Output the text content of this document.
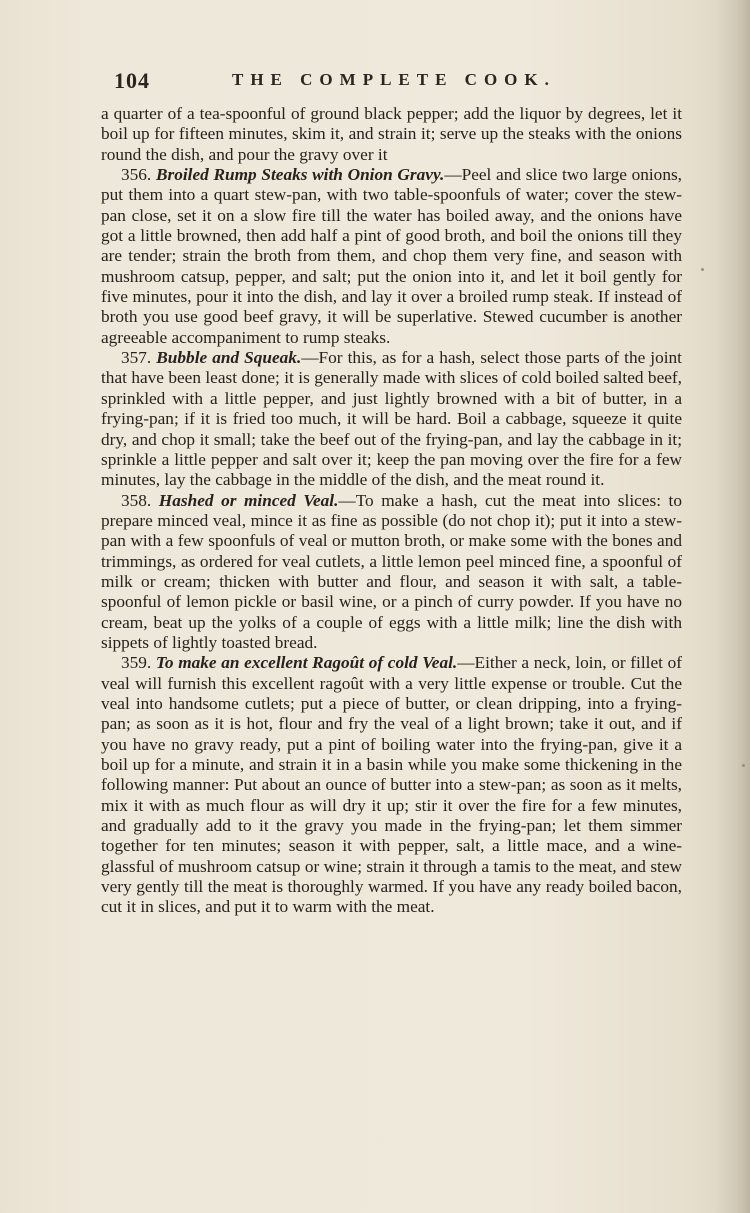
104	THE COMPLETE COOK.

a quarter of a tea-spoonful of ground black pepper; add the liquor by degrees, let it boil up for fifteen minutes, skim it, and strain it; serve up the steaks with the onions round the dish, and pour the gravy over it

356. Broiled Rump Steaks with Onion Gravy.—Peel and slice two large onions, put them into a quart stew-pan, with two table-spoonfuls of water; cover the stew-pan close, set it on a slow fire till the water has boiled away, and the onions have got a little browned, then add half a pint of good broth, and boil the onions till they are tender; strain the broth from them, and chop them very fine, and season with mushroom catsup, pepper, and salt; put the onion into it, and let it boil gently for five minutes, pour it into the dish, and lay it over a broiled rump steak. If instead of broth you use good beef gravy, it will be superlative. Stewed cucumber is another agreeable accompaniment to rump steaks.

357. Bubble and Squeak.—For this, as for a hash, select those parts of the joint that have been least done; it is generally made with slices of cold boiled salted beef, sprinkled with a little pepper, and just lightly browned with a bit of butter, in a frying-pan; if it is fried too much, it will be hard. Boil a cabbage, squeeze it quite dry, and chop it small; take the beef out of the frying-pan, and lay the cabbage in it; sprinkle a little pepper and salt over it; keep the pan moving over the fire for a few minutes, lay the cabbage in the middle of the dish, and the meat round it.

358. Hashed or minced Veal.—To make a hash, cut the meat into slices: to prepare minced veal, mince it as fine as possible (do not chop it); put it into a stew-pan with a few spoonfuls of veal or mutton broth, or make some with the bones and trimmings, as ordered for veal cutlets, a little lemon peel minced fine, a spoonful of milk or cream; thicken with butter and flour, and season it with salt, a table-spoonful of lemon pickle or basil wine, or a pinch of curry powder. If you have no cream, beat up the yolks of a couple of eggs with a little milk; line the dish with sippets of lightly toasted bread.

359. To make an excellent Ragoût of cold Veal.—Either a neck, loin, or fillet of veal will furnish this excellent ragoût with a very little expense or trouble. Cut the veal into handsome cutlets; put a piece of butter, or clean dripping, into a frying-pan; as soon as it is hot, flour and fry the veal of a light brown; take it out, and if you have no gravy ready, put a pint of boiling water into the frying-pan, give it a boil up for a minute, and strain it in a basin while you make some thickening in the following manner: Put about an ounce of butter into a stew-pan; as soon as it melts, mix it with as much flour as will dry it up; stir it over the fire for a few minutes, and gradually add to it the gravy you made in the frying-pan; let them simmer together for ten minutes; season it with pepper, salt, a little mace, and a wine-glassful of mushroom catsup or wine; strain it through a tamis to the meat, and stew very gently till the meat is thoroughly warmed. If you have any ready boiled bacon, cut it in slices, and put it to warm with the meat.
